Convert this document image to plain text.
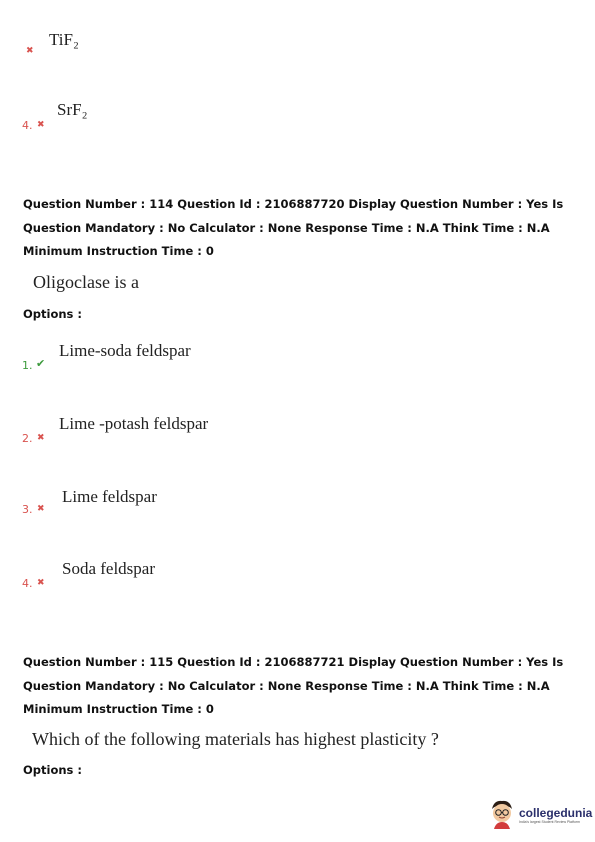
✖
TiF₂
4. ✖
SrF₂
Question Number : 114 Question Id : 2106887720 Display Question Number : Yes Is Question Mandatory : No Calculator : None Response Time : N.A Think Time : N.A Minimum Instruction Time : 0
Oligoclase is a
Options :
1. ✔
Lime-soda feldspar
2. ✖
Lime -potash feldspar
3. ✖
Lime feldspar
4. ✖
Soda feldspar
Question Number : 115 Question Id : 2106887721 Display Question Number : Yes Is Question Mandatory : No Calculator : None Response Time : N.A Think Time : N.A Minimum Instruction Time : 0
Which of the following materials has highest plasticity ?
Options :
collegedunia
India's largest Student Review Platform
